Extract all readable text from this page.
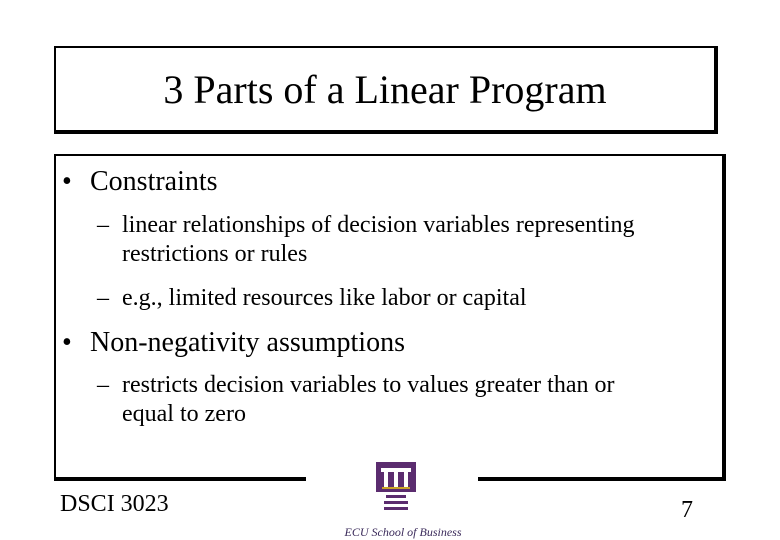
3 Parts of a Linear Program
• Constraints
– linear relationships of decision variables representing
restrictions or rules
– e.g., limited resources like labor or capital
• Non-negativity assumptions
– restricts decision variables to values greater than or
equal to zero
DSCI 3023	7
ECU School of Business
